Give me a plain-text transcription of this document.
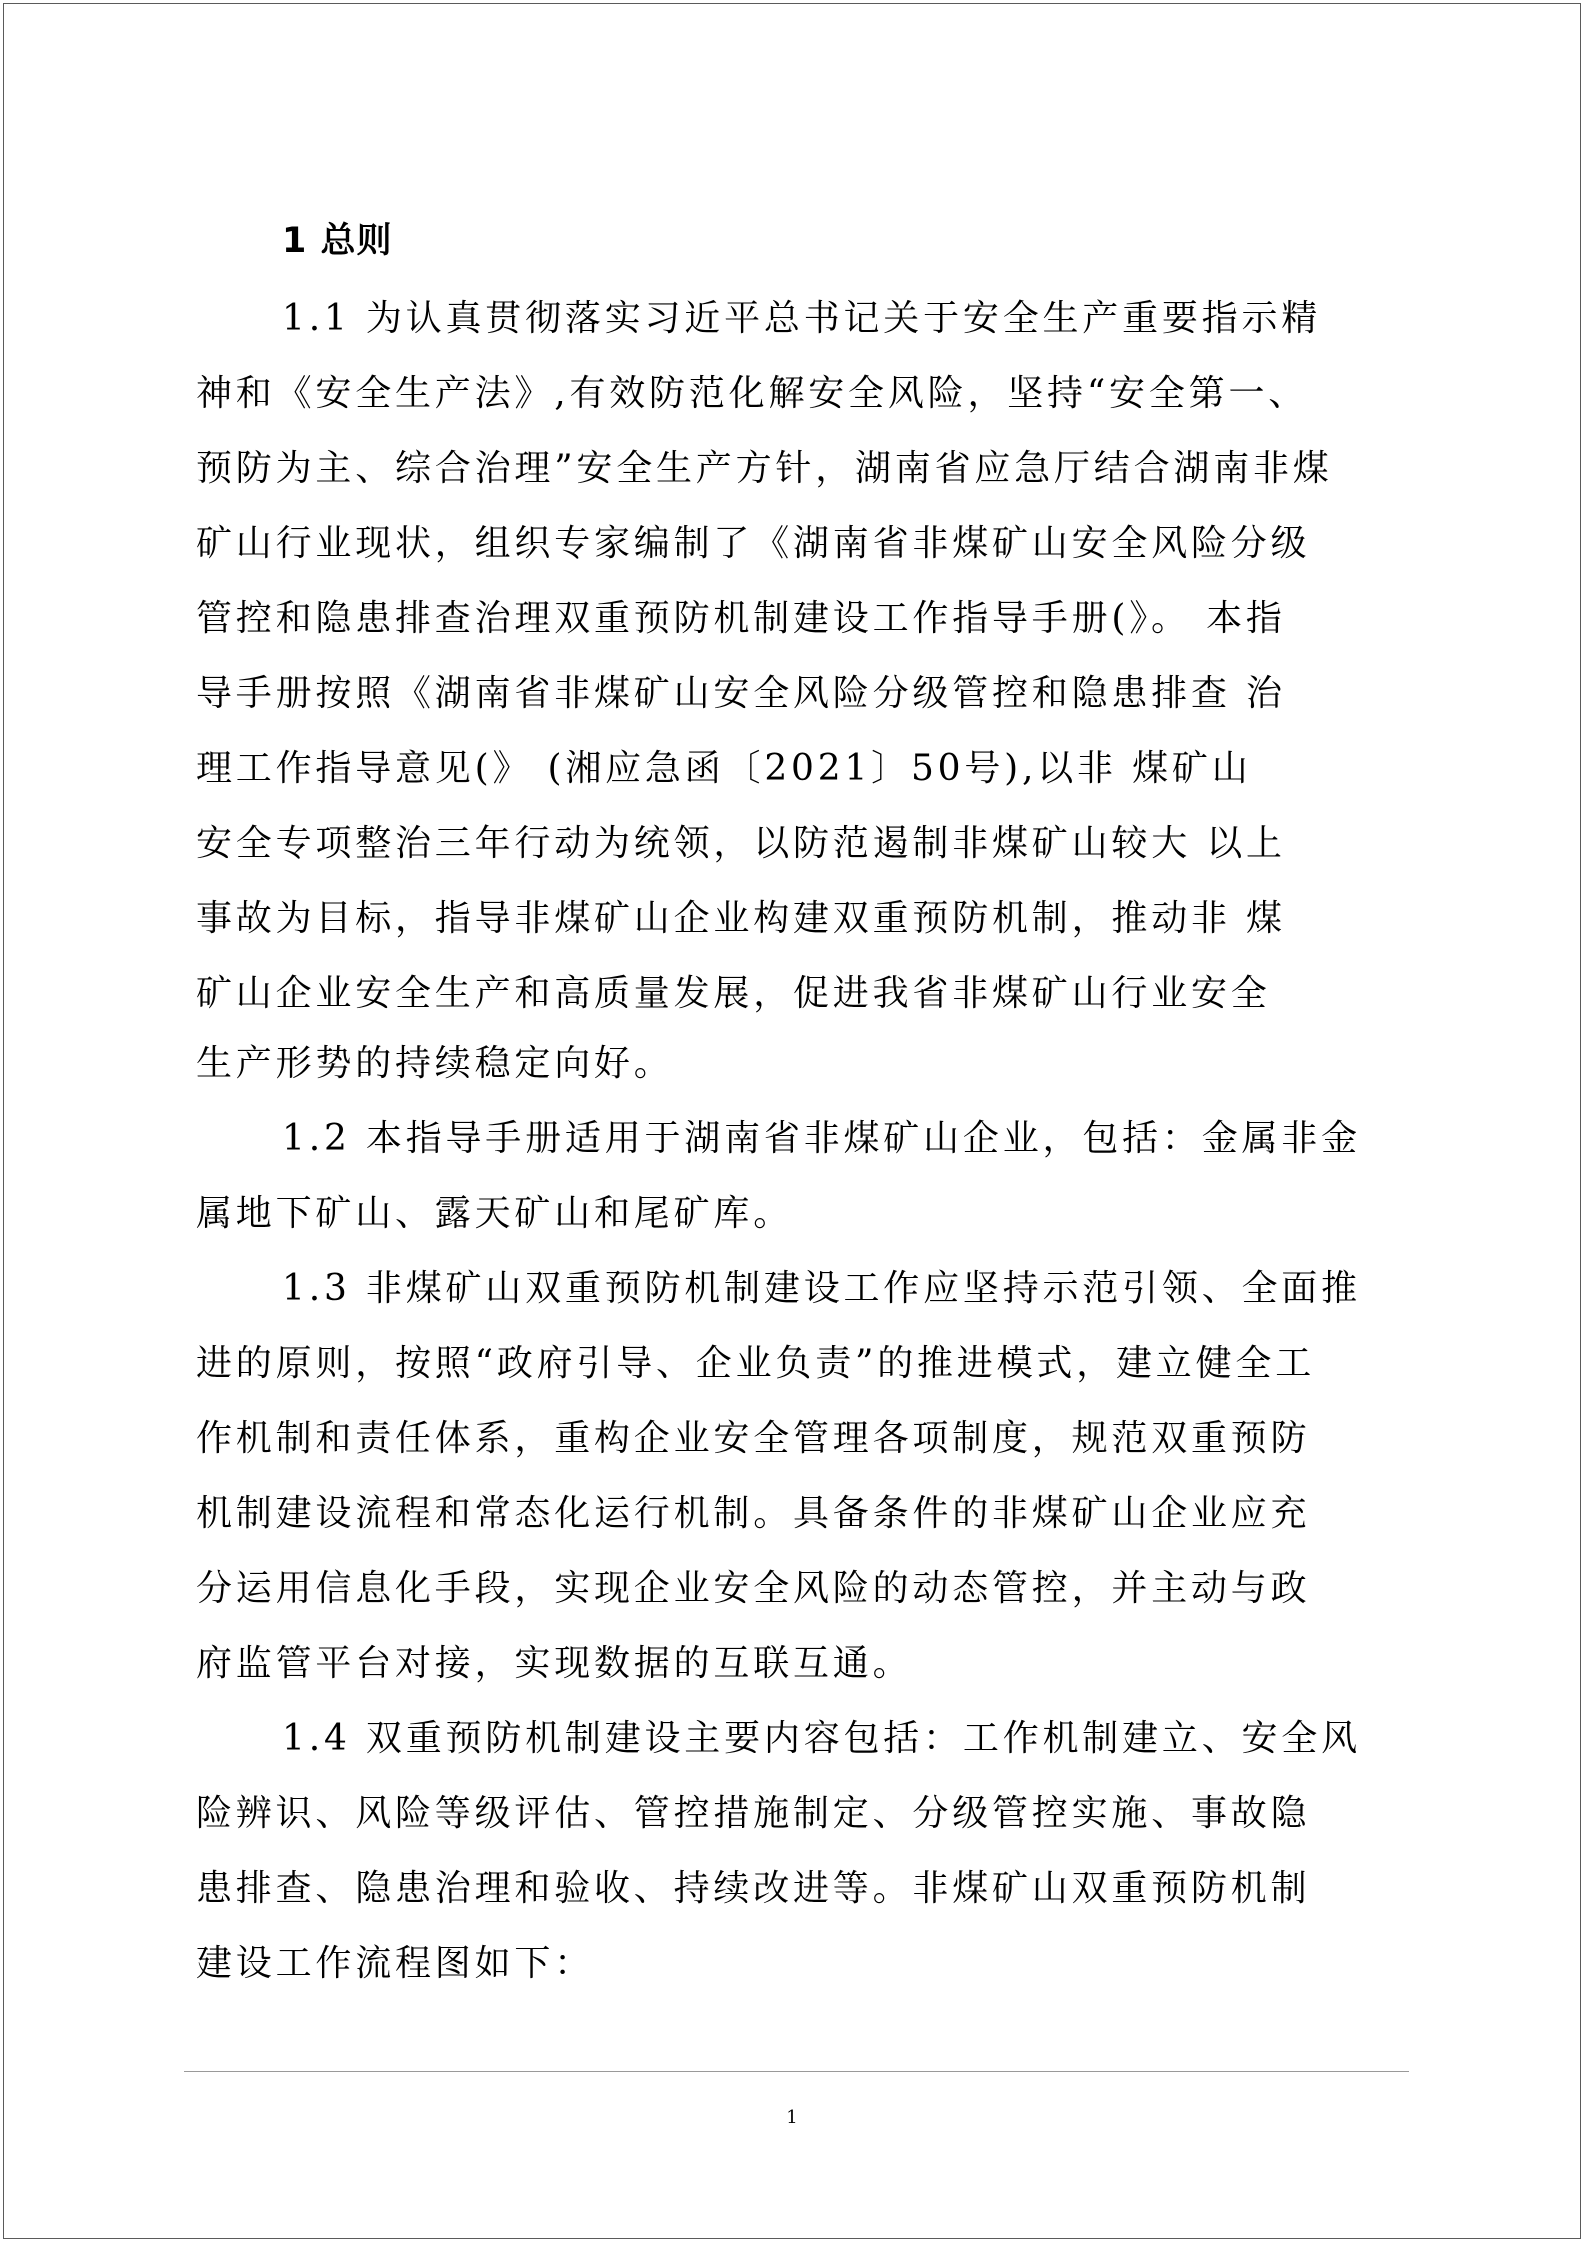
1 总则
1.1 为认真贯彻落实习近平总书记关于安全生产重要指示精
神和《安全生产法》,有效防范化解安全风险，坚持“安全第一、
预防为主、综合治理”安全生产方针，湖南省应急厅结合湖南非煤
矿山行业现状，组织专家编制了《湖南省非煤矿山安全风险分级
管控和隐患排查治理双重预防机制建设工作指导手册(》。 本指
导手册按照《湖南省非煤矿山安全风险分级管控和隐患排查 治
理工作指导意见(》 (湘应急函〔2021〕50号),以非 煤矿山
安全专项整治三年行动为统领，以防范遏制非煤矿山较大 以上
事故为目标，指导非煤矿山企业构建双重预防机制，推动非 煤
矿山企业安全生产和高质量发展，促进我省非煤矿山行业安全
生产形势的持续稳定向好。
1.2 本指导手册适用于湖南省非煤矿山企业，包括：金属非金
属地下矿山、露天矿山和尾矿库。
1.3 非煤矿山双重预防机制建设工作应坚持示范引领、全面推
进的原则，按照“政府引导、企业负责”的推进模式，建立健全工
作机制和责任体系，重构企业安全管理各项制度，规范双重预防
机制建设流程和常态化运行机制。具备条件的非煤矿山企业应充
分运用信息化手段，实现企业安全风险的动态管控，并主动与政
府监管平台对接，实现数据的互联互通。
1.4 双重预防机制建设主要内容包括：工作机制建立、安全风
险辨识、风险等级评估、管控措施制定、分级管控实施、事故隐
患排查、隐患治理和验收、持续改进等。非煤矿山双重预防机制
建设工作流程图如下：
1
